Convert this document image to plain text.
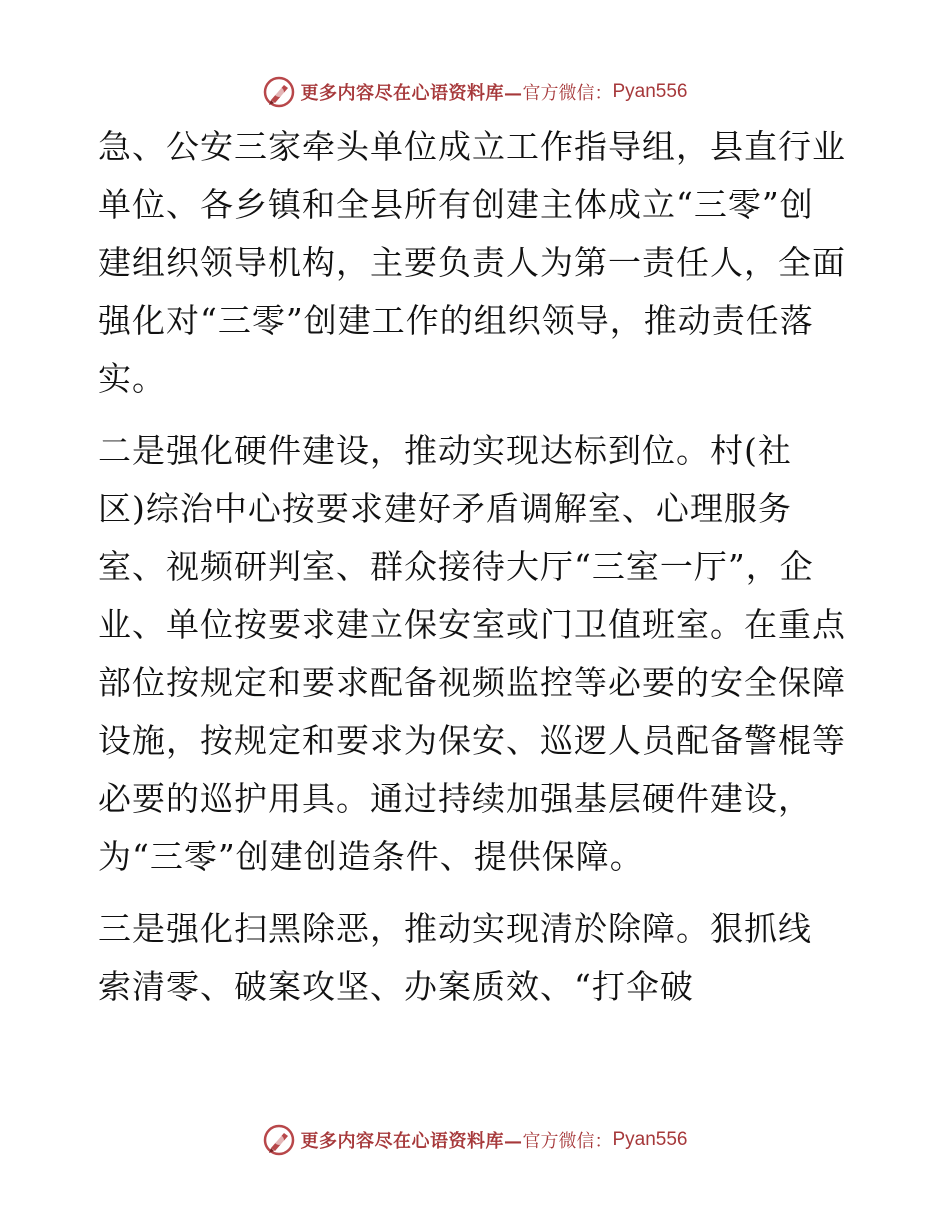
更多内容尽在心语资料库— 官方微信： Pyan556
急、公安三家牵头单位成立工作指导组，县直行业
单位、各乡镇和全县所有创建主体成立“三零”创
建组织领导机构，主要负责人为第一责任人，全面
强化对“三零”创建工作的组织领导，推动责任落
实。
二是强化硬件建设，推动实现达标到位。村(社
区)综治中心按要求建好矛盾调解室、心理服务
室、视频研判室、群众接待大厅“三室一厅”，企
业、单位按要求建立保安室或门卫值班室。在重点
部位按规定和要求配备视频监控等必要的安全保障
设施，按规定和要求为保安、巡逻人员配备警棍等
必要的巡护用具。通过持续加强基层硬件建设，
为“三零”创建创造条件、提供保障。
三是强化扫黑除恶，推动实现清於除障。狠抓线
索清零、破案攻坚、办案质效、“打伞破
更多内容尽在心语资料库— 官方微信： Pyan556
